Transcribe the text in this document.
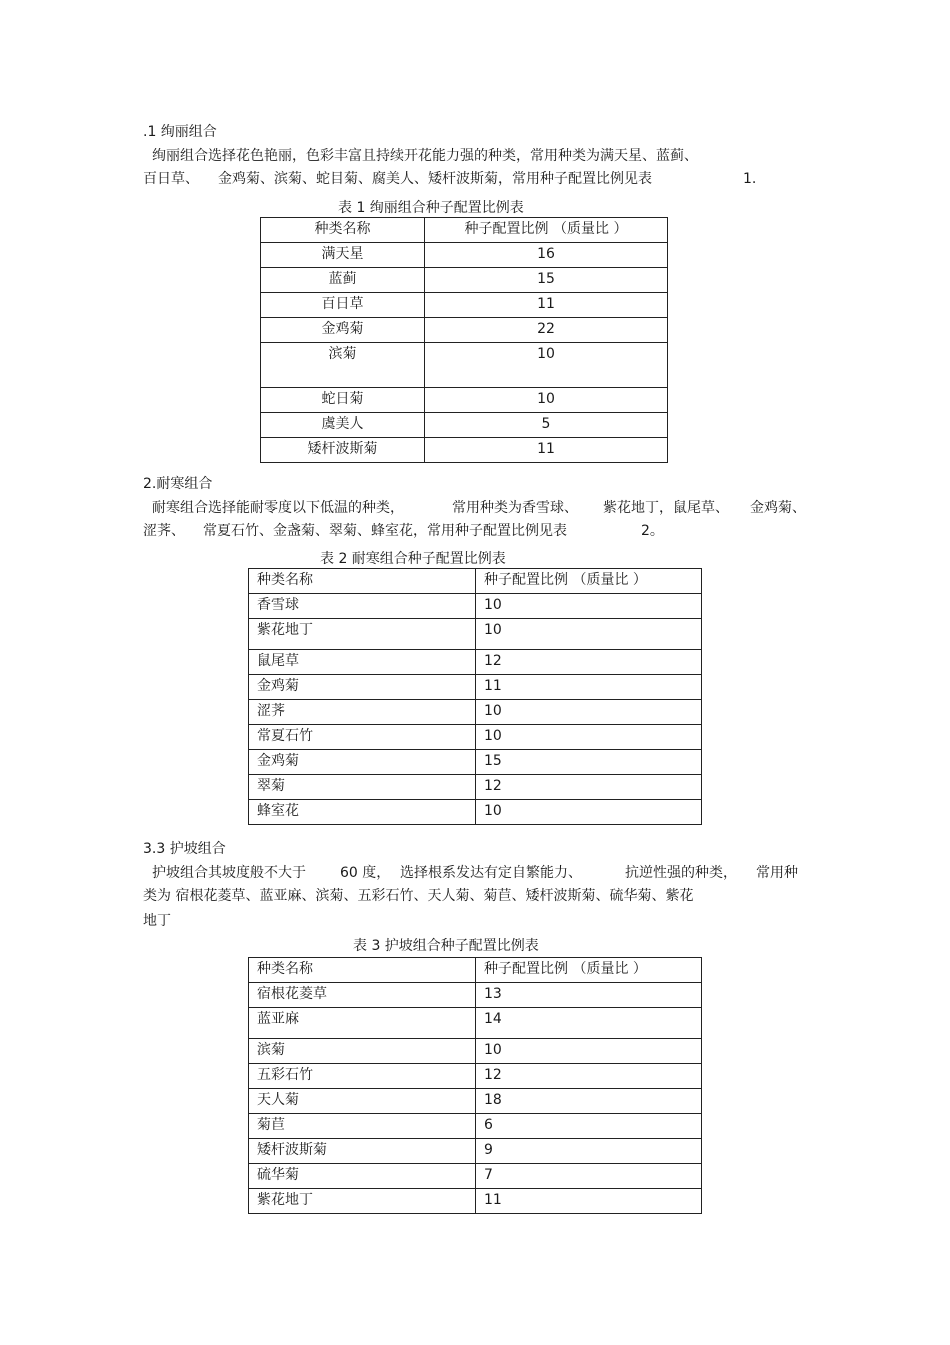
.1 绚丽组合
绚丽组合选择花色艳丽，色彩丰富且持续开花能力强的种类，常用种类为满天星、蓝蓟、
百日草、 金鸡菊、滨菊、蛇目菊、腐美人、矮杆波斯菊，常用种子配置比例见表	1.
表 1 绚丽组合种子配置比例表
种类名称	种子配置比例 （质量比 ）
满天星	16
蓝蓟	15
百日草	11
金鸡菊	22
滨菊	10
蛇日菊	10
虞美人	5
矮杆波斯菊	11
2.耐寒组合
耐寒组合选择能耐零度以下低温的种类，	常用种类为香雪球、 紫花地丁，鼠尾草、 金鸡菊、
涩荠、 常夏石竹、金盏菊、翠菊、蜂室花，常用种子配置比例见表	2。
表 2 耐寒组合种子配置比例表
种类名称	种子配置比例 （质量比 ）
香雪球	10
紫花地丁	10
鼠尾草	12
金鸡菊	11
涩荠	10
常夏石竹	10
金鸡菊	15
翠菊	12
蜂室花	10
3.3 护坡组合
护坡组合其坡度般不大于 60 度， 选择根系发达有定自繁能力、	抗逆性强的种类， 常用种
类为 宿根花菱草、蓝亚麻、滨菊、五彩石竹、天人菊、菊苣、矮杆波斯菊、硫华菊、紫花
地丁
表 3 护坡组合种子配置比例表
种类名称	种子配置比例 （质量比 ）
宿根花菱草	13
蓝亚麻	14
滨菊	10
五彩石竹	12
天人菊	18
菊苣	6
矮杆波斯菊	9
硫华菊	7
紫花地丁	11
